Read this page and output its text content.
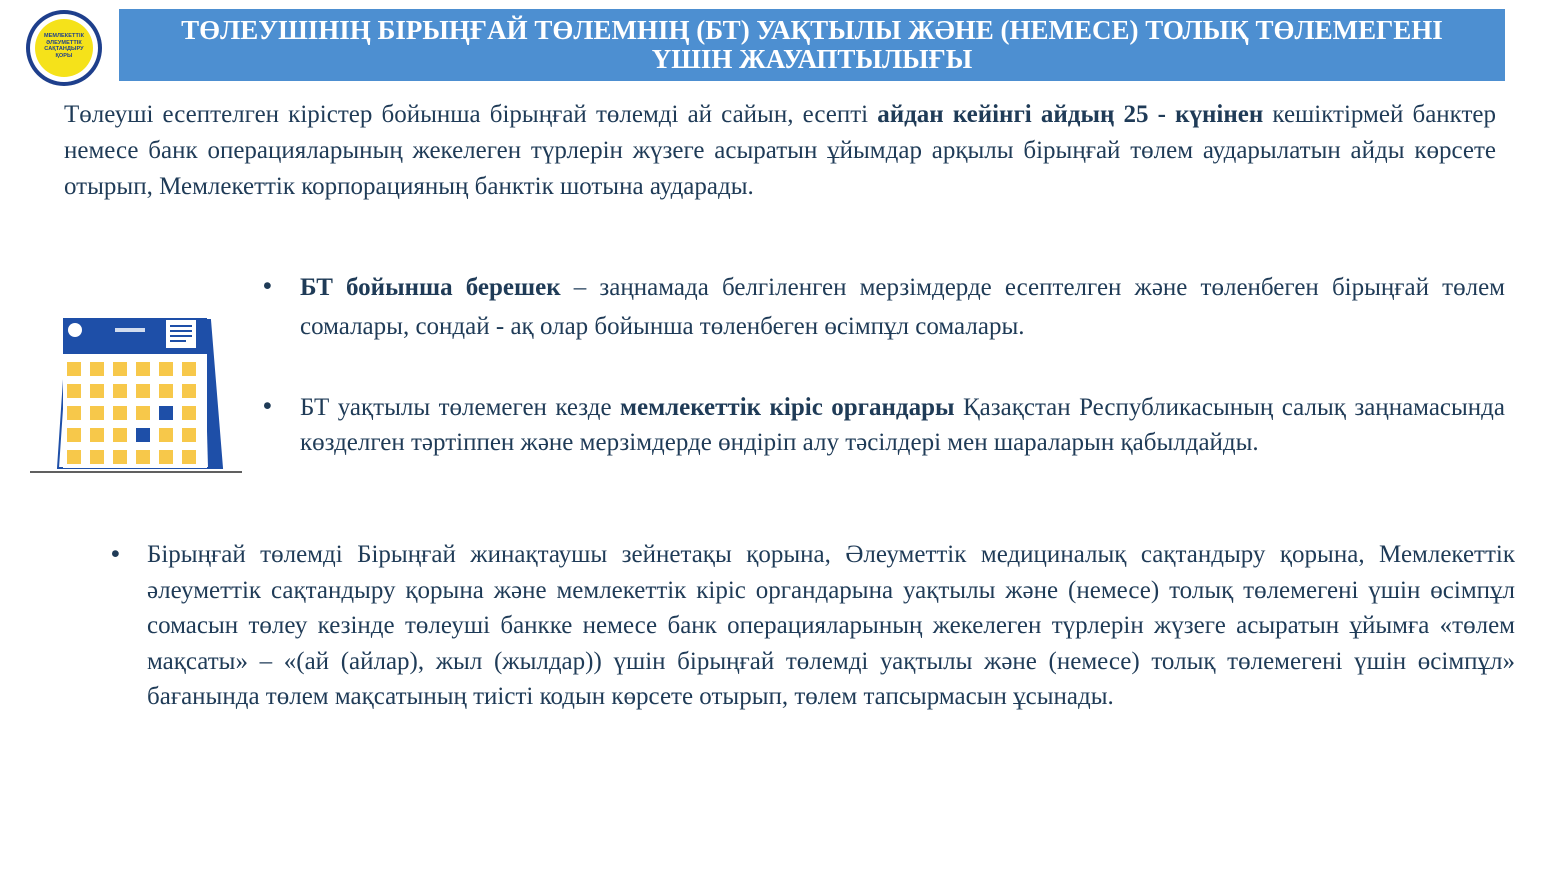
МЕМЛЕКЕТТІК ӘЛЕУМЕТТІК САҚТАНДЫРУ ҚОРЫ
ТӨЛЕУШІНІҢ БІРЫҢҒАЙ ТӨЛЕМНІҢ (БТ) УАҚТЫЛЫ ЖӘНЕ (НЕМЕСЕ) ТОЛЫҚ ТӨЛЕМЕГЕНІ ҮШІН ЖАУАПТЫЛЫҒЫ
Төлеуші есептелген кірістер бойынша бірыңғай төлемді ай сайын, есепті айдан кейінгі айдың 25 - күнінен кешіктірмей банктер немесе банк операцияларының жекелеген түрлерін жүзеге асыратын ұйымдар арқылы бірыңғай төлем аударылатын айды көрсете отырып, Мемлекеттік корпорацияның банктік шотына аударады.
• БТ бойынша берешек – заңнамада белгіленген мерзімдерде есептелген және төленбеген бірыңғай төлем сомалары, сондай - ақ олар бойынша төленбеген өсімпұл сомалары.
• БТ уақтылы төлемеген кезде мемлекеттік кіріс органдары Қазақстан Республикасының салық заңнамасында көзделген тәртіппен және мерзімдерде өндіріп алу тәсілдері мен шараларын қабылдайды.
• Бірыңғай төлемді Бірыңғай жинақтаушы зейнетақы қорына, Әлеуметтік медициналық сақтандыру қорына, Мемлекеттік әлеуметтік сақтандыру қорына және мемлекеттік кіріс органдарына уақтылы және (немесе) толық төлемегені үшін өсімпұл сомасын төлеу кезінде төлеуші банкке немесе банк операцияларының жекелеген түрлерін жүзеге асыратын ұйымға «төлем мақсаты» – «(ай (айлар), жыл (жылдар)) үшін бірыңғай төлемді уақтылы және (немесе) толық төлемегені үшін өсімпұл» бағанында төлем мақсатының тиісті кодын көрсете отырып, төлем тапсырмасын ұсынады.
